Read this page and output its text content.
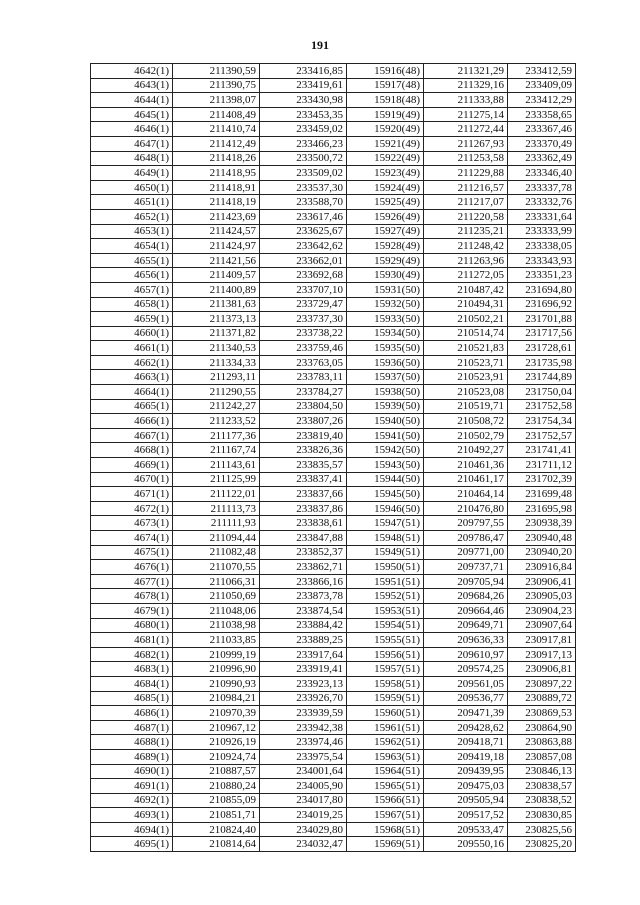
191
4642(1)	211390,59	233416,85	15916(48)	211321,29	233412,59
4643(1)	211390,75	233419,61	15917(48)	211329,16	233409,09
4644(1)	211398,07	233430,98	15918(48)	211333,88	233412,29
4645(1)	211408,49	233453,35	15919(49)	211275,14	233358,65
4646(1)	211410,74	233459,02	15920(49)	211272,44	233367,46
4647(1)	211412,49	233466,23	15921(49)	211267,93	233370,49
4648(1)	211418,26	233500,72	15922(49)	211253,58	233362,49
4649(1)	211418,95	233509,02	15923(49)	211229,88	233346,40
4650(1)	211418,91	233537,30	15924(49)	211216,57	233337,78
4651(1)	211418,19	233588,70	15925(49)	211217,07	233332,76
4652(1)	211423,69	233617,46	15926(49)	211220,58	233331,64
4653(1)	211424,57	233625,67	15927(49)	211235,21	233333,99
4654(1)	211424,97	233642,62	15928(49)	211248,42	233338,05
4655(1)	211421,56	233662,01	15929(49)	211263,96	233343,93
4656(1)	211409,57	233692,68	15930(49)	211272,05	233351,23
4657(1)	211400,89	233707,10	15931(50)	210487,42	231694,80
4658(1)	211381,63	233729,47	15932(50)	210494,31	231696,92
4659(1)	211373,13	233737,30	15933(50)	210502,21	231701,88
4660(1)	211371,82	233738,22	15934(50)	210514,74	231717,56
4661(1)	211340,53	233759,46	15935(50)	210521,83	231728,61
4662(1)	211334,33	233763,05	15936(50)	210523,71	231735,98
4663(1)	211293,11	233783,11	15937(50)	210523,91	231744,89
4664(1)	211290,55	233784,27	15938(50)	210523,08	231750,04
4665(1)	211242,27	233804,50	15939(50)	210519,71	231752,58
4666(1)	211233,52	233807,26	15940(50)	210508,72	231754,34
4667(1)	211177,36	233819,40	15941(50)	210502,79	231752,57
4668(1)	211167,74	233826,36	15942(50)	210492,27	231741,41
4669(1)	211143,61	233835,57	15943(50)	210461,36	231711,12
4670(1)	211125,99	233837,41	15944(50)	210461,17	231702,39
4671(1)	211122,01	233837,66	15945(50)	210464,14	231699,48
4672(1)	211113,73	233837,86	15946(50)	210476,80	231695,98
4673(1)	211111,93	233838,61	15947(51)	209797,55	230938,39
4674(1)	211094,44	233847,88	15948(51)	209786,47	230940,48
4675(1)	211082,48	233852,37	15949(51)	209771,00	230940,20
4676(1)	211070,55	233862,71	15950(51)	209737,71	230916,84
4677(1)	211066,31	233866,16	15951(51)	209705,94	230906,41
4678(1)	211050,69	233873,78	15952(51)	209684,26	230905,03
4679(1)	211048,06	233874,54	15953(51)	209664,46	230904,23
4680(1)	211038,98	233884,42	15954(51)	209649,71	230907,64
4681(1)	211033,85	233889,25	15955(51)	209636,33	230917,81
4682(1)	210999,19	233917,64	15956(51)	209610,97	230917,13
4683(1)	210996,90	233919,41	15957(51)	209574,25	230906,81
4684(1)	210990,93	233923,13	15958(51)	209561,05	230897,22
4685(1)	210984,21	233926,70	15959(51)	209536,77	230889,72
4686(1)	210970,39	233939,59	15960(51)	209471,39	230869,53
4687(1)	210967,12	233942,38	15961(51)	209428,62	230864,90
4688(1)	210926,19	233974,46	15962(51)	209418,71	230863,88
4689(1)	210924,74	233975,54	15963(51)	209419,18	230857,08
4690(1)	210887,57	234001,64	15964(51)	209439,95	230846,13
4691(1)	210880,24	234005,90	15965(51)	209475,03	230838,57
4692(1)	210855,09	234017,80	15966(51)	209505,94	230838,52
4693(1)	210851,71	234019,25	15967(51)	209517,52	230830,85
4694(1)	210824,40	234029,80	15968(51)	209533,47	230825,56
4695(1)	210814,64	234032,47	15969(51)	209550,16	230825,20
